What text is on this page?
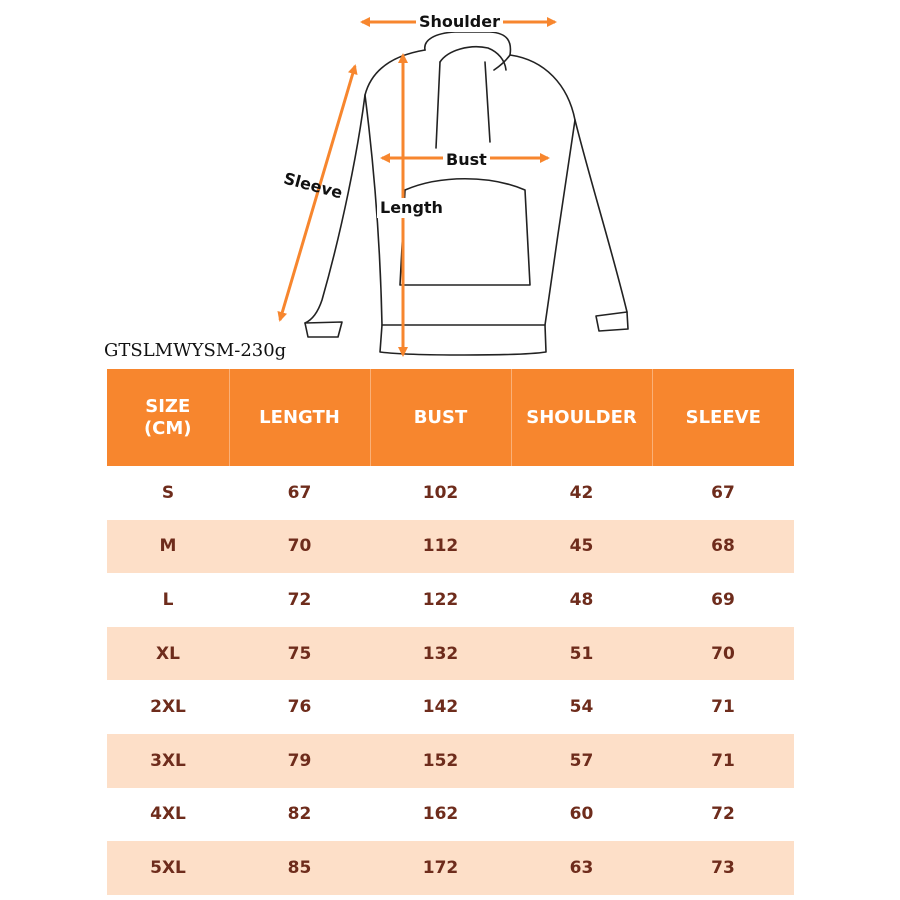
Shoulder
Bust
Length
Sleeve
GTSLMWYSM-230g
SIZE
(CM)	LENGTH	BUST	SHOULDER	SLEEVE
S	67	102	42	67
M	70	112	45	68
L	72	122	48	69
XL	75	132	51	70
2XL	76	142	54	71
3XL	79	152	57	71
4XL	82	162	60	72
5XL	85	172	63	73
